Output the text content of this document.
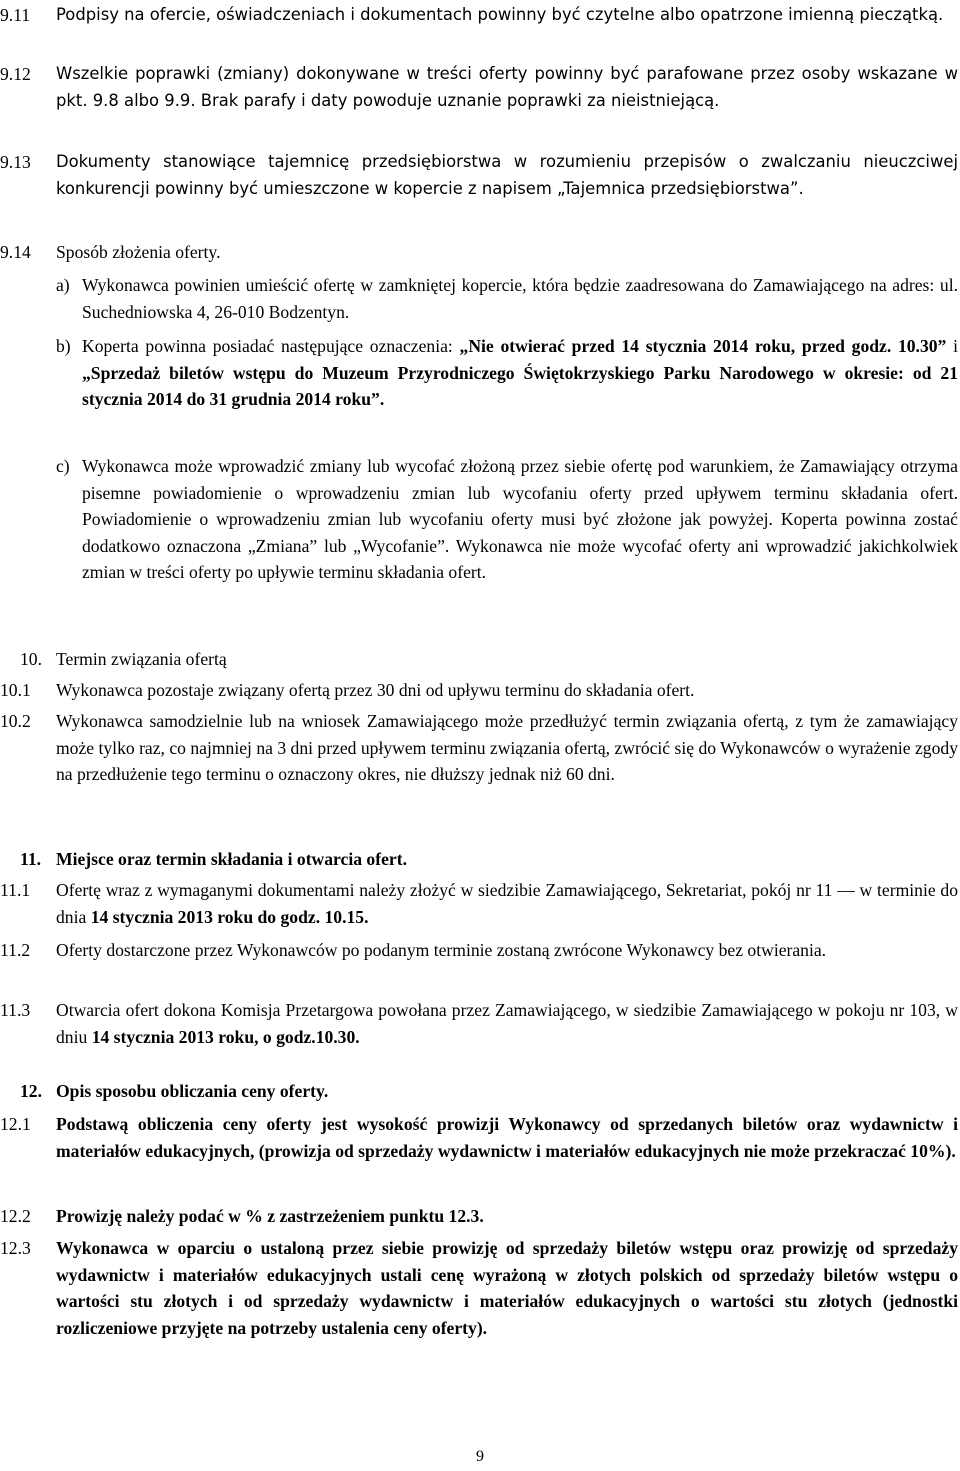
9.11 Podpisy na ofercie, oświadczeniach i dokumentach powinny być czytelne albo opatrzone imienną pieczątką.
9.12 Wszelkie poprawki (zmiany) dokonywane w treści oferty powinny być parafowane przez osoby wskazane w pkt. 9.8 albo 9.9. Brak parafy i daty powoduje uznanie poprawki za nieistniejącą.
9.13 Dokumenty stanowiące tajemnicę przedsiębiorstwa w rozumieniu przepisów o zwalczaniu nieuczciwej konkurencji powinny być umieszczone w kopercie z napisem „Tajemnica przedsiębiorstwa”.
9.14 Sposób złożenia oferty.
a) Wykonawca powinien umieścić ofertę w zamkniętej kopercie, która będzie zaadresowana do Zamawiającego na adres: ul. Suchedniowska 4, 26-010 Bodzentyn.
b) Koperta powinna posiadać następujące oznaczenia: „Nie otwierać przed 14 stycznia 2014 roku, przed godz. 10.30” i „Sprzedaż biletów wstępu do Muzeum Przyrodniczego Świętokrzyskiego Parku Narodowego w okresie: od 21 stycznia 2014 do 31 grudnia 2014 roku”.
c) Wykonawca może wprowadzić zmiany lub wycofać złożoną przez siebie ofertę pod warunkiem, że Zamawiający otrzyma pisemne powiadomienie o wprowadzeniu zmian lub wycofaniu oferty przed upływem terminu składania ofert. Powiadomienie o wprowadzeniu zmian lub wycofaniu oferty musi być złożone jak powyżej. Koperta powinna zostać dodatkowo oznaczona „Zmiana” lub „Wycofanie”. Wykonawca nie może wycofać oferty ani wprowadzić jakichkolwiek zmian w treści oferty po upływie terminu składania ofert.
10. Termin związania ofertą
10.1 Wykonawca pozostaje związany ofertą przez 30 dni od upływu terminu do składania ofert.
10.2 Wykonawca samodzielnie lub na wniosek Zamawiającego może przedłużyć termin związania ofertą, z tym że zamawiający może tylko raz, co najmniej na 3 dni przed upływem terminu związania ofertą, zwrócić się do Wykonawców o wyrażenie zgody na przedłużenie tego terminu o oznaczony okres, nie dłuższy jednak niż 60 dni.
11. Miejsce oraz termin składania i otwarcia ofert.
11.1 Ofertę wraz z wymaganymi dokumentami należy złożyć w siedzibie Zamawiającego, Sekretariat, pokój nr 11 — w terminie do dnia 14 stycznia 2013 roku do godz. 10.15.
11.2 Oferty dostarczone przez Wykonawców po podanym terminie zostaną zwrócone Wykonawcy bez otwierania.
11.3 Otwarcia ofert dokona Komisja Przetargowa powołana przez Zamawiającego, w siedzibie Zamawiającego w pokoju nr 103, w dniu 14 stycznia 2013 roku, o godz.10.30.
12. Opis sposobu obliczania ceny oferty.
12.1 Podstawą obliczenia ceny oferty jest wysokość prowizji Wykonawcy od sprzedanych biletów oraz wydawnictw i materiałów edukacyjnych, (prowizja od sprzedaży wydawnictw i materiałów edukacyjnych nie może przekraczać 10%).
12.2 Prowizję należy podać w % z zastrzeżeniem punktu 12.3.
12.3 Wykonawca w oparciu o ustaloną przez siebie prowizję od sprzedaży biletów wstępu oraz prowizję od sprzedaży wydawnictw i materiałów edukacyjnych ustali cenę wyrażoną w złotych polskich od sprzedaży biletów wstępu o wartości stu złotych i od sprzedaży wydawnictw i materiałów edukacyjnych o wartości stu złotych (jednostki rozliczeniowe przyjęte na potrzeby ustalenia ceny oferty).
9
